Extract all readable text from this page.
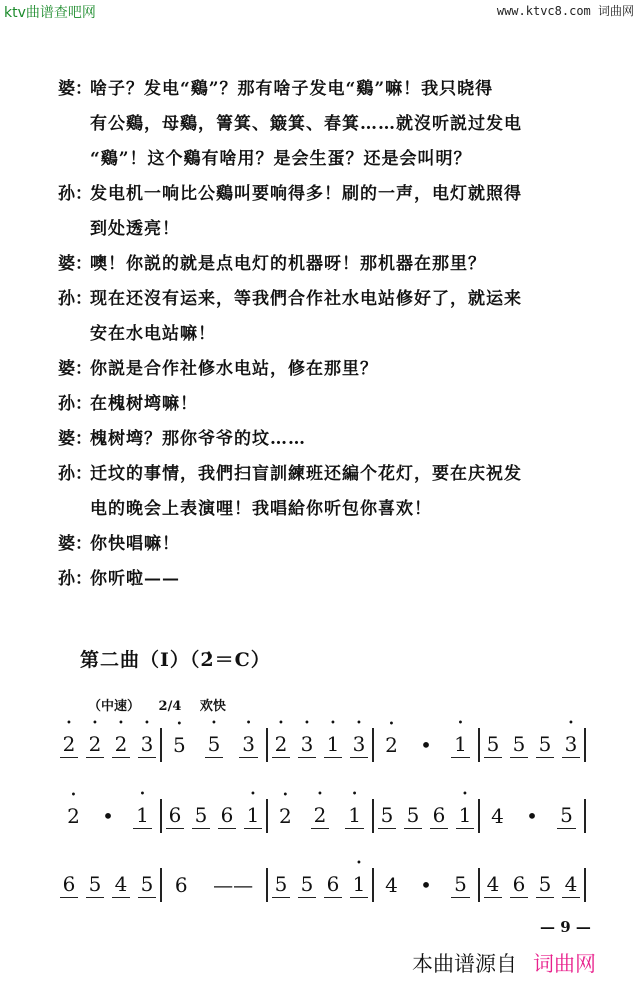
ktv曲谱查吧网	www.ktvc8.com 词曲网
婆：
啥子？发电“鷄”？那有啥子发电“鷄”嘛！我只晓得
有公鷄，母鷄，箐箕、簸箕、春箕……就沒听説过发电
“鷄”！这个鷄有啥用？是会生蛋？还是会叫明？
孙：
发电机一响比公鷄叫要响得多！刷的一声，电灯就照得
到处透亮！
婆：
噢！你説的就是点电灯的机器呀！那机器在那里？
孙：
现在还沒有运来，等我們合作社水电站修好了，就运来
安在水电站嘛！
婆：
你説是合作社修水电站，修在那里？
孙：
在槐树塆嘛！
婆：
槐树塆？那你爷爷的坟……
孙：
迁坟的事情，我們扫盲訓練班还編个花灯，要在庆祝发
电的晚会上表演哩！我唱給你听包你喜欢！
婆：
你快唱嘛！
孙：
你听啦——
第二曲（Ⅰ）（2̇＝C）
（中速） 2/4 欢快
• 2 • 2 • 2 • 3 • 5 • 5 • 3 • 2 • 3 • 1 • 3 • 2 • • 1 5 5 5 • 3
• 2 • • 1 6 5 6 • 1 • 2 • 2 • 1 5 5 6 • 1 4 • 5
6 5 4 5 6 —— 5 5 6 • 1 4 • 5 4 6 5 4
— 9 —
本曲谱源自 词曲网
